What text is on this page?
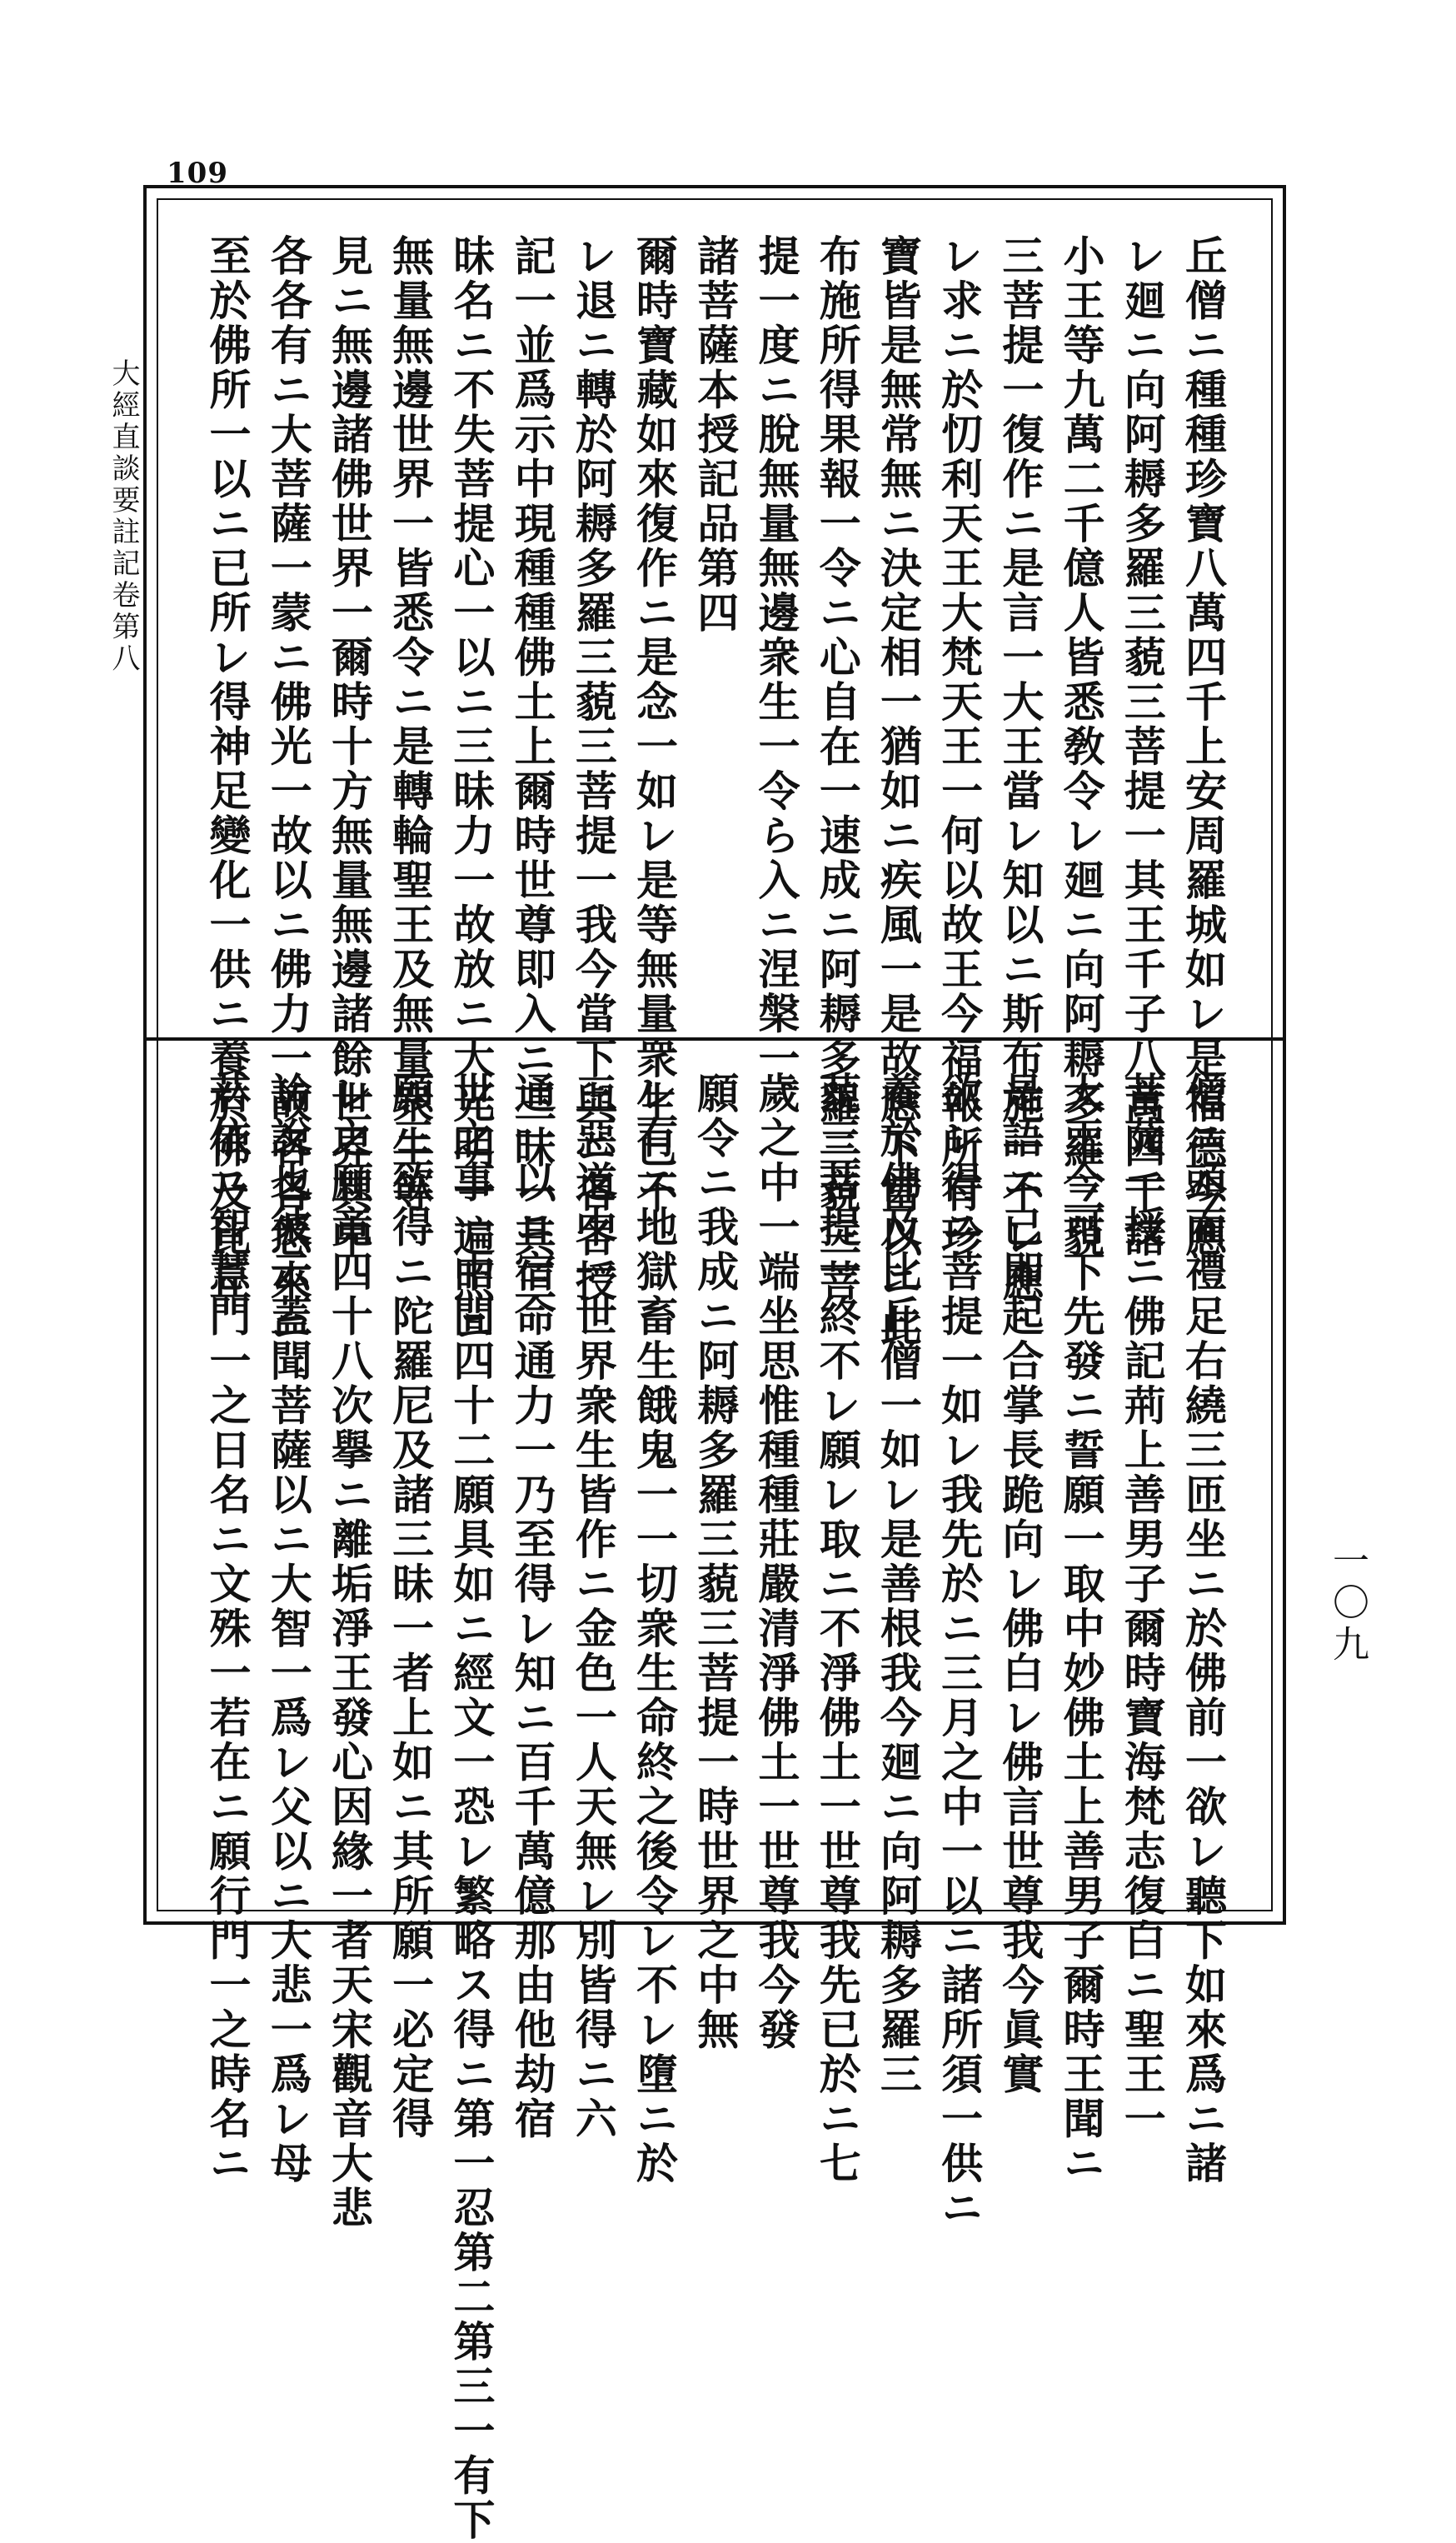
109
大經直談要註記卷第八
一〇九
丘僧ニ種種珍寶八萬四千上安周羅城如レ是福德今應
レ廻ニ向阿耨多羅三藐三菩提一其王千子八萬四千諸
小王等九萬二千億人皆悉敎令レ廻ニ向阿耨多羅三藐
三菩提一復作ニ是言一大王當レ知以ニ斯布施一不レ應
レ求ニ於忉利天王大梵天王一何以故王今福報所有珍
寶皆是無常無ニ決定相一猶如ニ疾風一是故應下當以ニ此
布施所得果報一令ニ心自在一速成ニ阿耨多羅三藐三菩
提一度ニ脫無量無邊衆生一令ら入ニ涅槃一
諸菩薩本授記品第四
爾時寶藏如來復作ニ是念一如レ是等無量衆生已不
レ退ニ轉於阿耨多羅三藐三菩提一我今當下與ニ各各授
記一並爲示中現種種佛土上爾時世尊即入ニ三昧一其三
昧名ニ不失菩提心一以ニ三昧力一故放ニ大光明一遍照ニ
無量無邊世界一皆悉令ニ是轉輪聖王及無量衆生等
見ニ無邊諸佛世界一爾時十方無量無邊諸餘世界其中
各各有ニ大菩薩一蒙ニ佛光一故以ニ佛力一故各各悉來ニ
至於佛所一以ニ已所レ得神足變化一供ニ養於佛及比丘
僧ニ頭面禮足右繞三匝坐ニ於佛前一欲レ聽下如來爲ニ諸
菩薩一授ニ佛記荊上善男子爾時寶海梵志復白ニ聖王一
大王今可下先發ニ誓願一取中妙佛土上善男子爾時王聞ニ
是語ニ已即起合掌長跪向レ佛白レ佛言世尊我今眞實
欲レ得ニ菩提一如レ我先於ニ三月之中一以ニ諸所須一供ニ
養於佛及比丘僧一如レ是善根我今廻ニ向阿耨多羅三
藐三菩提一終不レ願レ取ニ不淨佛土一世尊我先已於ニ七
歲之中一端坐思惟種種莊嚴清淨佛土一世尊我今發
願令ニ我成ニ阿耨多羅三藐三菩提一時世界之中無
レ有ニ地獄畜生餓鬼一一切衆生命終之後令レ不レ墮ニ於
三惡道中一世界衆生皆作ニ金色一人天無レ別皆得ニ六
通一以ニ宿命通力一乃至得レ知ニ百千萬億那由他劫宿
世之事一中間四十二願具如ニ經文一恐レ繁略ス得ニ第一忍第二第三一有下
願三欲得ニ陀羅尼及諸三昧一者上如ニ其所願一必定得
レ之願竟四十八次擧ニ離垢淨王發心因緣一者天宋觀音大悲
論說也彼云蓋聞菩薩以ニ大智一爲レ父以ニ大悲一爲レ母
若依ニ智慧門一之日名ニ文殊一若在ニ願行門一之時名ニ
